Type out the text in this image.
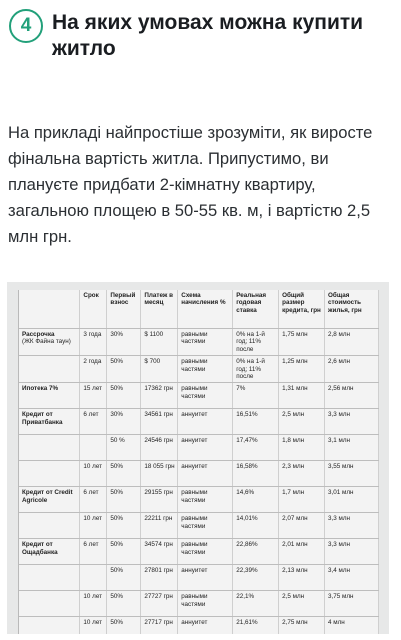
4 На яких умовах можна купити житло
На прикладі найпростіше зрозуміти, як виросте фінальна вартість житла. Припустимо, ви плануєте придбати 2-кімнатну квартиру, загальною площею в 50-55 кв. м, і вартістю 2,5 млн грн.
	Срок	Первый взнос	Платеж в месяц	Схема начисления %	Реальная годовая ставка	Общий размер кредита, грн	Общая стоимость жилья, грн
Рассрочка
(ЖК Файна таун)	3 года	30%	$ 1100	равными частями	0% на 1-й год; 11% после	1,75 млн	2,8 млн

	2 года	50%	$ 700	равными частями	0% на 1-й год; 11% после	1,25 млн	2,6 млн
Ипотека 7%	15 лет	50%	17362 грн	равными частями	7%	1,31 млн	2,56 млн
Кредит от Приватбанка	6 лет	30%	34561 грн	аннуитет	16,51%	2,5 млн	3,3 млн

		50 %	24546 грн	аннуитет	17,47%	1,8 млн	3,1 млн

	10 лет	50%	18 055 грн	аннуитет	16,58%	2,3 млн	3,55 млн
Кредит от Credit Agricole	6 лет	50%	29155 грн	равными частями	14,6%	1,7 млн	3,01 млн

	10 лет	50%	22211 грн	равными частями	14,01%	2,07 млн	3,3 млн
Кредит от Ощадбанка	6 лет	50%	34574 грн	равными частями	22,86%	2,01 млн	3,3 млн

		50%	27801 грн	аннуитет	22,39%	2,13 млн	3,4 млн

	10 лет	50%	27727 грн	равными частями	22,1%	2,5 млн	3,75 млн

	10 лет	50%	27717 грн	аннуитет	21,61%	2,75 млн	4 млн
